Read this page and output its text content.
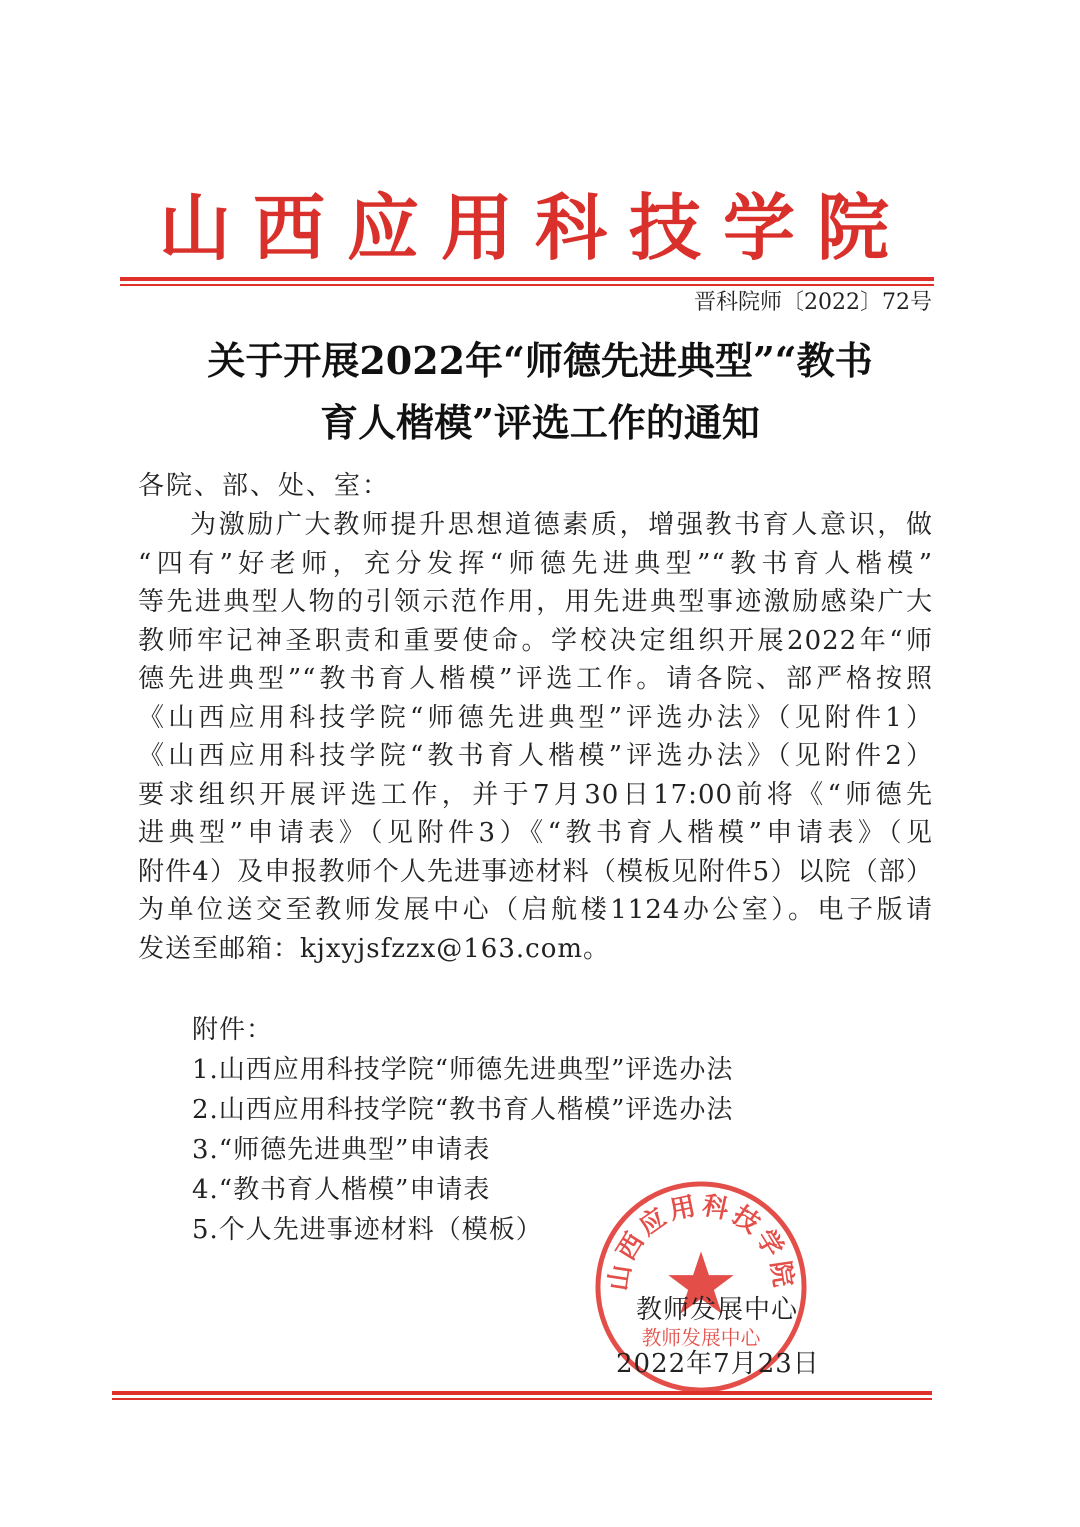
山西应用科技学院
晋科院师〔2022〕72号
关于开展2022年“师德先进典型”“教书
育人楷模”评选工作的通知
各院、部、处、室：
为激励广大教师提升思想道德素质，增强教书育人意识，做
“四有”好老师，充分发挥“师德先进典型”“教书育人楷模”
等先进典型人物的引领示范作用，用先进典型事迹激励感染广大
教师牢记神圣职责和重要使命。学校决定组织开展2022年“师
德先进典型”“教书育人楷模”评选工作。请各院、部严格按照
《山西应用科技学院“师德先进典型”评选办法》（见附件1）
《山西应用科技学院“教书育人楷模”评选办法》（见附件2）
要求组织开展评选工作，并于7月30日17:00前将《“师德先
进典型”申请表》（见附件3）《“教书育人楷模”申请表》（见
附件4）及申报教师个人先进事迹材料（模板见附件5）以院（部）
为单位送交至教师发展中心（启航楼1124办公室）。电子版请
发送至邮箱：kjxyjsfzzx@163.com。
附件：
1.山西应用科技学院“师德先进典型”评选办法
2.山西应用科技学院“教书育人楷模”评选办法
3.“师德先进典型”申请表
4.“教书育人楷模”申请表
5.个人先进事迹材料（模板）
山西应用科技学院
教师发展中心
教师发展中心
2022年7月23日
